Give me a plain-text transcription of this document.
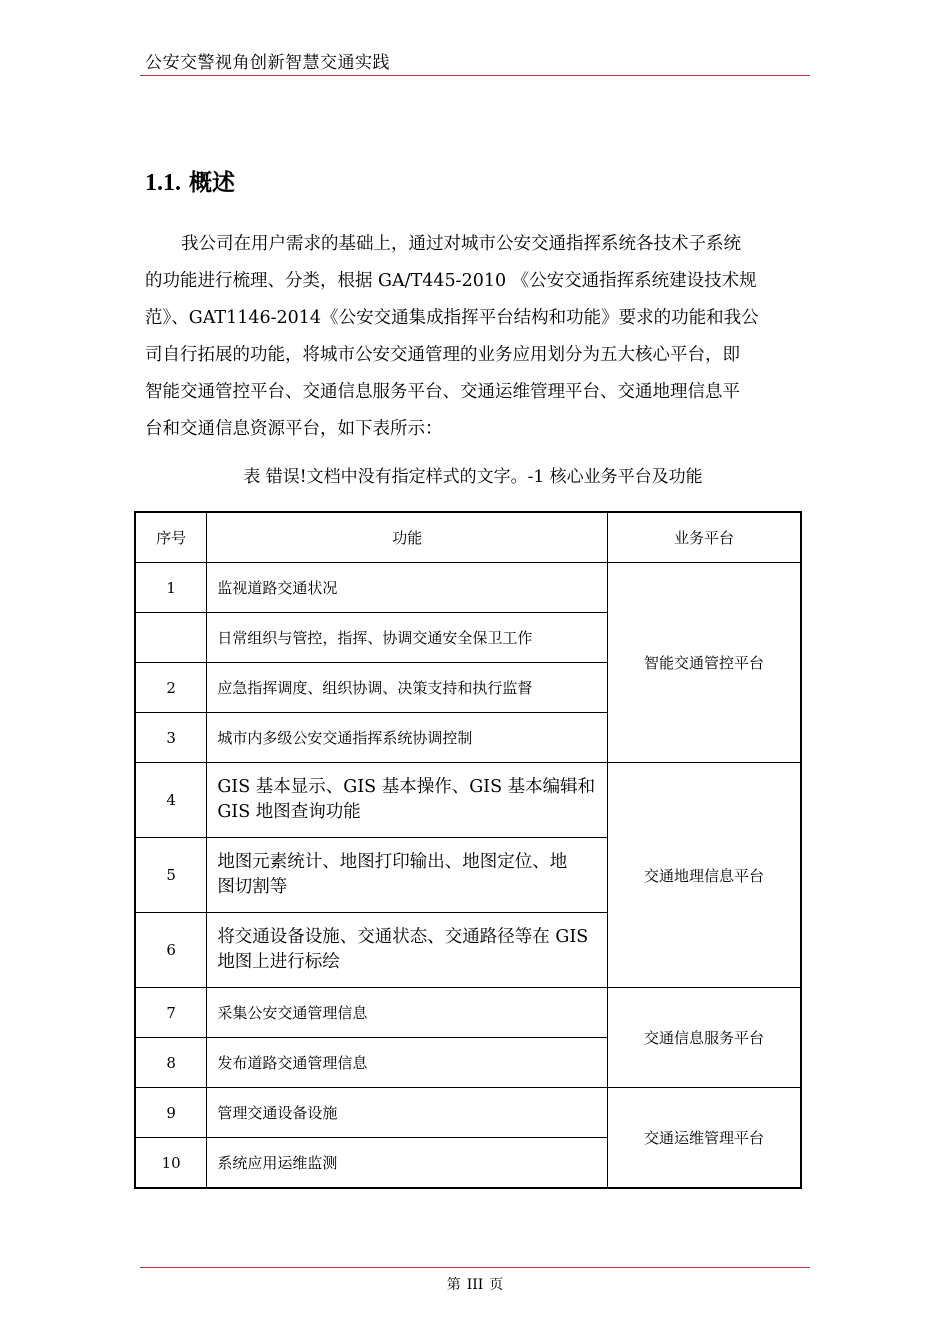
公安交警视角创新智慧交通实践
1.1. 概述
我公司在用户需求的基础上，通过对城市公安交通指挥系统各技术子系统
的功能进行梳理、分类，根据 GA/T445-2010 《公安交通指挥系统建设技术规
范》、GAT1146-2014《公安交通集成指挥平台结构和功能》要求的功能和我公
司自行拓展的功能，将城市公安交通管理的业务应用划分为五大核心平台，即
智能交通管控平台、交通信息服务平台、交通运维管理平台、交通地理信息平
台和交通信息资源平台，如下表所示：
表 错误!文档中没有指定样式的文字。-1 核心业务平台及功能
序号	功能	业务平台
1	监视道路交通状况	智能交通管控平台
	日常组织与管控，指挥、协调交通安全保卫工作	
2	应急指挥调度、组织协调、决策支持和执行监督	
3	城市内多级公安交通指挥系统协调控制	
4	GIS 基本显示、GIS 基本操作、GIS 基本编辑和
GIS 地图查询功能	交通地理信息平台
5	地图元素统计、地图打印输出、地图定位、地
图切割等	

6	将交通设备设施、交通状态、交通路径等在 GIS
地图上进行标绘	

7	采集公安交通管理信息	交通信息服务平台
8	发布道路交通管理信息	
9	管理交通设备设施	交通运维管理平台
10	系统应用运维监测	
第 III 页
